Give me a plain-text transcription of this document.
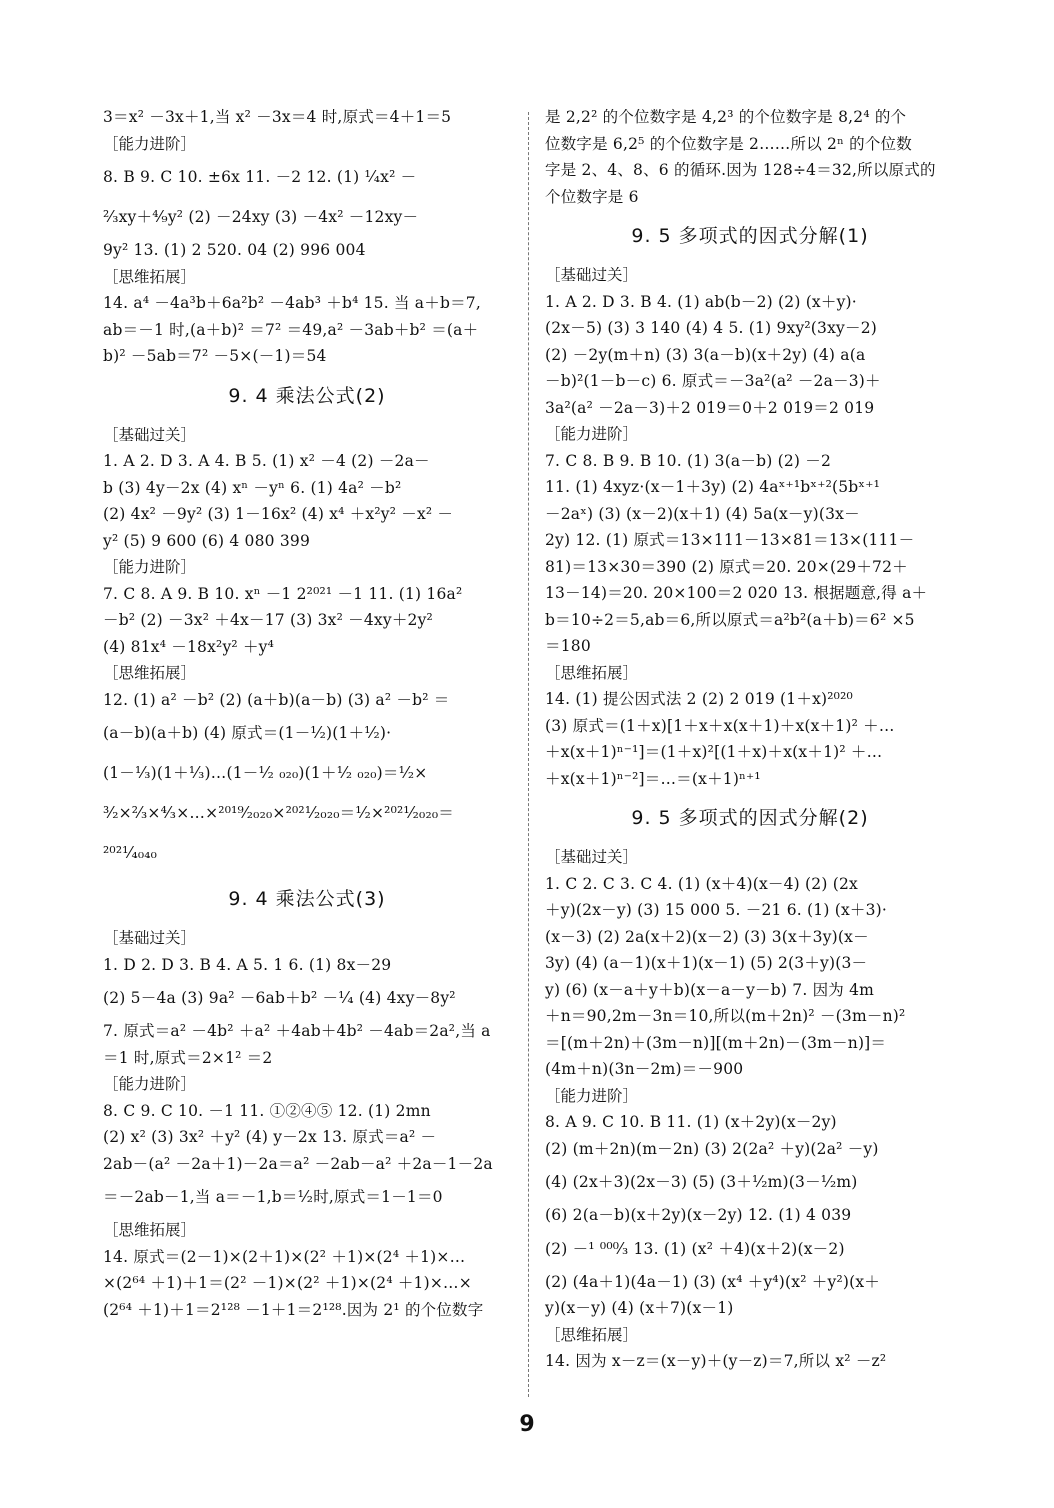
3＝x² －3x＋1,当 x² －3x＝4 时,原式＝4＋1＝5
［能力进阶］
8. B 9. C 10. ±6x 11. －2 12. (1) ¹⁄₄x² －
²⁄₃xy＋⁴⁄₉y² (2) －24xy (3) －4x² －12xy－
9y² 13. (1) 2 520. 04 (2) 996 004
［思维拓展］
14. a⁴ －4a³b＋6a²b² －4ab³ ＋b⁴ 15. 当 a＋b＝7,
ab＝－1 时,(a＋b)² ＝7² ＝49,a² －3ab＋b² ＝(a＋
b)² －5ab＝7² －5×(－1)＝54
9. 4 乘法公式(2)
［基础过关］
1. A 2. D 3. A 4. B 5. (1) x² －4 (2) －2a－
b (3) 4y－2x (4) xⁿ －yⁿ 6. (1) 4a² －b²
(2) 4x² －9y² (3) 1－16x² (4) x⁴ ＋x²y² －x² －
y² (5) 9 600 (6) 4 080 399
［能力进阶］
7. C 8. A 9. B 10. xⁿ －1 2²⁰²¹ －1 11. (1) 16a²
－b² (2) －3x² ＋4x－17 (3) 3x² －4xy＋2y²
(4) 81x⁴ －18x²y² ＋y⁴
［思维拓展］
12. (1) a² －b² (2) (a＋b)(a－b) (3) a² －b² ＝
(a－b)(a＋b) (4) 原式＝(1－¹⁄₂)(1＋¹⁄₂)·
(1－¹⁄₃)(1＋¹⁄₃)…(1－¹⁄₂ ₀₂₀)(1＋¹⁄₂ ₀₂₀)＝¹⁄₂×
³⁄₂×²⁄₃×⁴⁄₃×…×²⁰¹⁹⁄₂₀₂₀×²⁰²¹⁄₂₀₂₀＝¹⁄₂×²⁰²¹⁄₂₀₂₀＝
²⁰²¹⁄₄₀₄₀
9. 4 乘法公式(3)
［基础过关］
1. D 2. D 3. B 4. A 5. 1 6. (1) 8x－29
(2) 5－4a (3) 9a² －6ab＋b² －¹⁄₄ (4) 4xy－8y²
7. 原式＝a² －4b² ＋a² ＋4ab＋4b² －4ab＝2a²,当 a
＝1 时,原式＝2×1² ＝2
［能力进阶］
8. C 9. C 10. －1 11. ①②④⑤ 12. (1) 2mn
(2) x² (3) 3x² ＋y² (4) y－2x 13. 原式＝a² －
2ab－(a² －2a＋1)－2a＝a² －2ab－a² ＋2a－1－2a
＝－2ab－1,当 a＝－1,b＝¹⁄₂时,原式＝1－1＝0
［思维拓展］
14. 原式＝(2－1)×(2＋1)×(2² ＋1)×(2⁴ ＋1)×…
×(2⁶⁴ ＋1)＋1＝(2² －1)×(2² ＋1)×(2⁴ ＋1)×…×
(2⁶⁴ ＋1)＋1＝2¹²⁸ －1＋1＝2¹²⁸.因为 2¹ 的个位数字
是 2,2² 的个位数字是 4,2³ 的个位数字是 8,2⁴ 的个
位数字是 6,2⁵ 的个位数字是 2……所以 2ⁿ 的个位数
字是 2、4、8、6 的循环.因为 128÷4＝32,所以原式的
个位数字是 6
9. 5 多项式的因式分解(1)
［基础过关］
1. A 2. D 3. B 4. (1) ab(b－2) (2) (x＋y)·
(2x－5) (3) 3 140 (4) 4 5. (1) 9xy²(3xy－2)
(2) －2y(m＋n) (3) 3(a－b)(x＋2y) (4) a(a
－b)²(1－b－c) 6. 原式＝－3a²(a² －2a－3)＋
3a²(a² －2a－3)＋2 019＝0＋2 019＝2 019
［能力进阶］
7. C 8. B 9. B 10. (1) 3(a－b) (2) －2
11. (1) 4xyz·(x－1＋3y) (2) 4aˣ⁺¹bˣ⁺²(5bˣ⁺¹
－2aˣ) (3) (x－2)(x＋1) (4) 5a(x－y)(3x－
2y) 12. (1) 原式＝13×111－13×81＝13×(111－
81)＝13×30＝390 (2) 原式＝20. 20×(29＋72＋
13－14)＝20. 20×100＝2 020 13. 根据题意,得 a＋
b＝10÷2＝5,ab＝6,所以原式＝a²b²(a＋b)＝6² ×5
＝180
［思维拓展］
14. (1) 提公因式法 2 (2) 2 019 (1＋x)²⁰²⁰
(3) 原式＝(1＋x)[1＋x＋x(x＋1)＋x(x＋1)² ＋…
＋x(x＋1)ⁿ⁻¹]＝(1＋x)²[(1＋x)＋x(x＋1)² ＋…
＋x(x＋1)ⁿ⁻²]＝…＝(x＋1)ⁿ⁺¹
9. 5 多项式的因式分解(2)
［基础过关］
1. C 2. C 3. C 4. (1) (x＋4)(x－4) (2) (2x
＋y)(2x－y) (3) 15 000 5. －21 6. (1) (x＋3)·
(x－3) (2) 2a(x＋2)(x－2) (3) 3(x＋3y)(x－
3y) (4) (a－1)(x＋1)(x－1) (5) 2(3＋y)(3－
y) (6) (x－a＋y＋b)(x－a－y－b) 7. 因为 4m
＋n＝90,2m－3n＝10,所以(m＋2n)² －(3m－n)²
＝[(m＋2n)＋(3m－n)][(m＋2n)－(3m－n)]＝
(4m＋n)(3n－2m)＝－900
［能力进阶］
8. A 9. C 10. B 11. (1) (x＋2y)(x－2y)
(2) (m＋2n)(m－2n) (3) 2(2a² ＋y)(2a² －y)
(4) (2x＋3)(2x－3) (5) (3＋¹⁄₂m)(3－¹⁄₂m)
(6) 2(a－b)(x＋2y)(x－2y) 12. (1) 4 039
(2) －¹ ⁰⁰⁰⁄₃ 13. (1) (x² ＋4)(x＋2)(x－2)
(2) (4a＋1)(4a－1) (3) (x⁴ ＋y⁴)(x² ＋y²)(x＋
y)(x－y) (4) (x＋7)(x－1)
［思维拓展］
14. 因为 x－z＝(x－y)＋(y－z)＝7,所以 x² －z²
9
